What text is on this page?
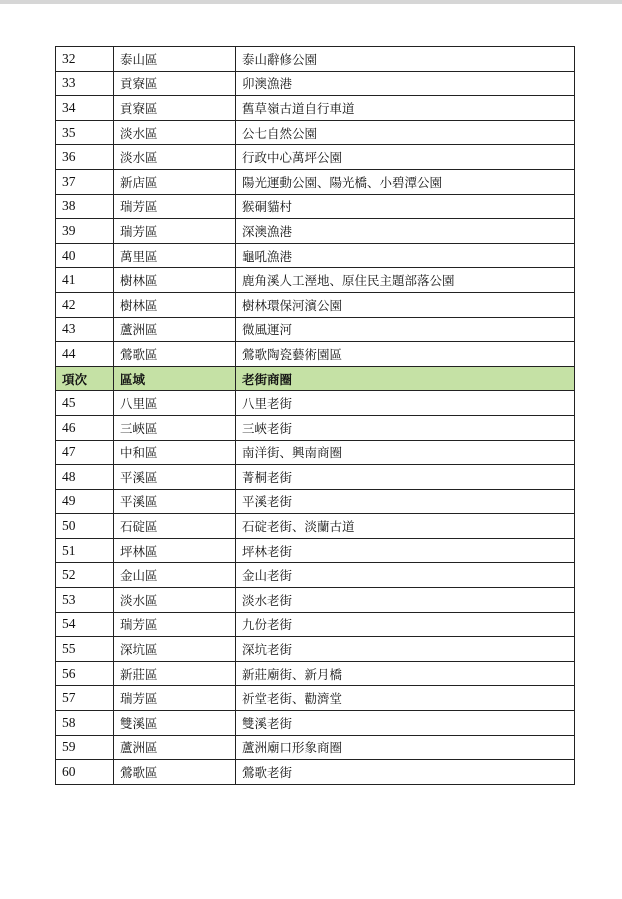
32	泰山區	泰山辭修公園
33	貢寮區	卯澳漁港
34	貢寮區	舊草嶺古道自行車道
35	淡水區	公七自然公園
36	淡水區	行政中心萬坪公園
37	新店區	陽光運動公園、陽光橋、小碧潭公園
38	瑞芳區	猴硐貓村
39	瑞芳區	深澳漁港
40	萬里區	龜吼漁港
41	樹林區	鹿角溪人工溼地、原住民主題部落公園
42	樹林區	樹林環保河濱公園
43	蘆洲區	微風運河
44	鶯歌區	鶯歌陶瓷藝術園區
項次	區域	老街商圈
45	八里區	八里老街
46	三峽區	三峽老街
47	中和區	南洋街、興南商圈
48	平溪區	菁桐老街
49	平溪區	平溪老街
50	石碇區	石碇老街、淡蘭古道
51	坪林區	坪林老街
52	金山區	金山老街
53	淡水區	淡水老街
54	瑞芳區	九份老街
55	深坑區	深坑老街
56	新莊區	新莊廟街、新月橋
57	瑞芳區	祈堂老街、勸濟堂
58	雙溪區	雙溪老街
59	蘆洲區	蘆洲廟口形象商圈
60	鶯歌區	鶯歌老街
